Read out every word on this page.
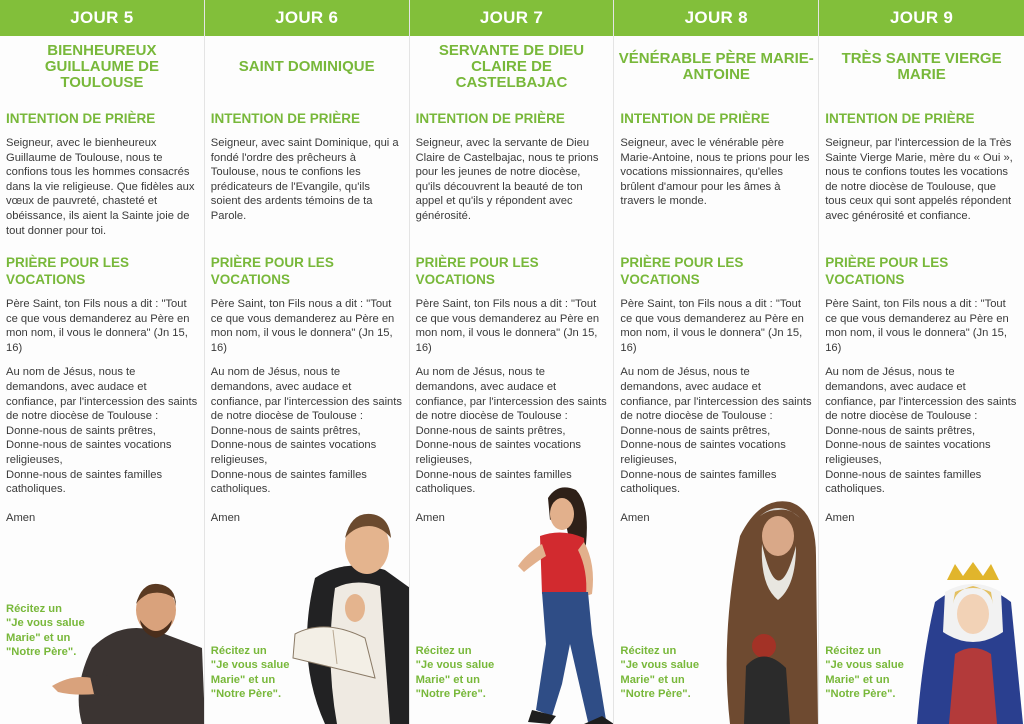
JOUR 5
BIENHEUREUX GUILLAUME DE TOULOUSE
INTENTION DE PRIÈRE
Seigneur, avec le bienheureux Guillaume de Toulouse, nous te confions tous les hommes consacrés dans la vie religieuse. Que fidèles aux vœux de pauvreté, chasteté et obéissance, ils aient la Sainte joie de tout donner pour toi.
PRIÈRE POUR LES VOCATIONS
Père Saint, ton Fils nous a dit : "Tout ce que vous demanderez au Père en mon nom, il vous le donnera" (Jn 15, 16)
Au nom de Jésus, nous te demandons, avec audace et confiance, par l'intercession des saints de notre diocèse de Toulouse :
Donne-nous de saints prêtres,
Donne-nous de saintes vocations religieuses,
Donne-nous de saintes familles catholiques.
Amen
Récitez un
"Je vous salue
Marie" et un
"Notre Père".
JOUR 6
SAINT DOMINIQUE
INTENTION DE PRIÈRE
Seigneur, avec saint Dominique, qui a fondé l'ordre des prêcheurs à Toulouse, nous te confions les prédicateurs de l'Evangile, qu'ils soient des ardents témoins de ta Parole.
PRIÈRE POUR LES VOCATIONS
Père Saint, ton Fils nous a dit : "Tout ce que vous demanderez au Père en mon nom, il vous le donnera" (Jn 15, 16)
Au nom de Jésus, nous te demandons, avec audace et confiance, par l'intercession des saints de notre diocèse de Toulouse :
Donne-nous de saints prêtres,
Donne-nous de saintes vocations religieuses,
Donne-nous de saintes familles catholiques.
Amen
Récitez un
"Je vous salue
Marie" et un
"Notre Père".
JOUR 7
SERVANTE DE DIEU CLAIRE DE CASTELBAJAC
INTENTION DE PRIÈRE
Seigneur, avec la servante de Dieu Claire de Castelbajac, nous te prions pour les jeunes de notre diocèse, qu'ils découvrent la beauté de ton appel et qu'ils y répondent avec générosité.
PRIÈRE POUR LES VOCATIONS
Père Saint, ton Fils nous a dit : "Tout ce que vous demanderez au Père en mon nom, il vous le donnera" (Jn 15, 16)
Au nom de Jésus, nous te demandons, avec audace et confiance, par l'intercession des saints de notre diocèse de Toulouse :
Donne-nous de saints prêtres,
Donne-nous de saintes vocations religieuses,
Donne-nous de saintes familles catholiques.
Amen
Récitez un
"Je vous salue
Marie" et un
"Notre Père".
JOUR 8
VÉNÉRABLE PÈRE MARIE-ANTOINE
INTENTION DE PRIÈRE
Seigneur, avec le vénérable père Marie-Antoine, nous te prions pour les vocations missionnaires, qu'elles brûlent d'amour pour les âmes à travers le monde.
PRIÈRE POUR LES VOCATIONS
Père Saint, ton Fils nous a dit : "Tout ce que vous demanderez au Père en mon nom, il vous le donnera" (Jn 15, 16)
Au nom de Jésus, nous te demandons, avec audace et confiance, par l'intercession des saints de notre diocèse de Toulouse :
Donne-nous de saints prêtres,
Donne-nous de saintes vocations religieuses,
Donne-nous de saintes familles catholiques.
Amen
Récitez un
"Je vous salue
Marie" et un
"Notre Père".
JOUR 9
TRÈS SAINTE VIERGE MARIE
INTENTION DE PRIÈRE
Seigneur, par l'intercession de la Très Sainte Vierge Marie, mère du « Oui », nous te confions toutes les vocations de notre diocèse de Toulouse, que tous ceux qui sont appelés répondent avec générosité et confiance.
PRIÈRE POUR LES VOCATIONS
Père Saint, ton Fils nous a dit : "Tout ce que vous demanderez au Père en mon nom, il vous le donnera" (Jn 15, 16)
Au nom de Jésus, nous te demandons, avec audace et confiance, par l'intercession des saints de notre diocèse de Toulouse :
Donne-nous de saints prêtres,
Donne-nous de saintes vocations religieuses,
Donne-nous de saintes familles catholiques.
Amen
Récitez un
"Je vous salue
Marie" et un
"Notre Père".
